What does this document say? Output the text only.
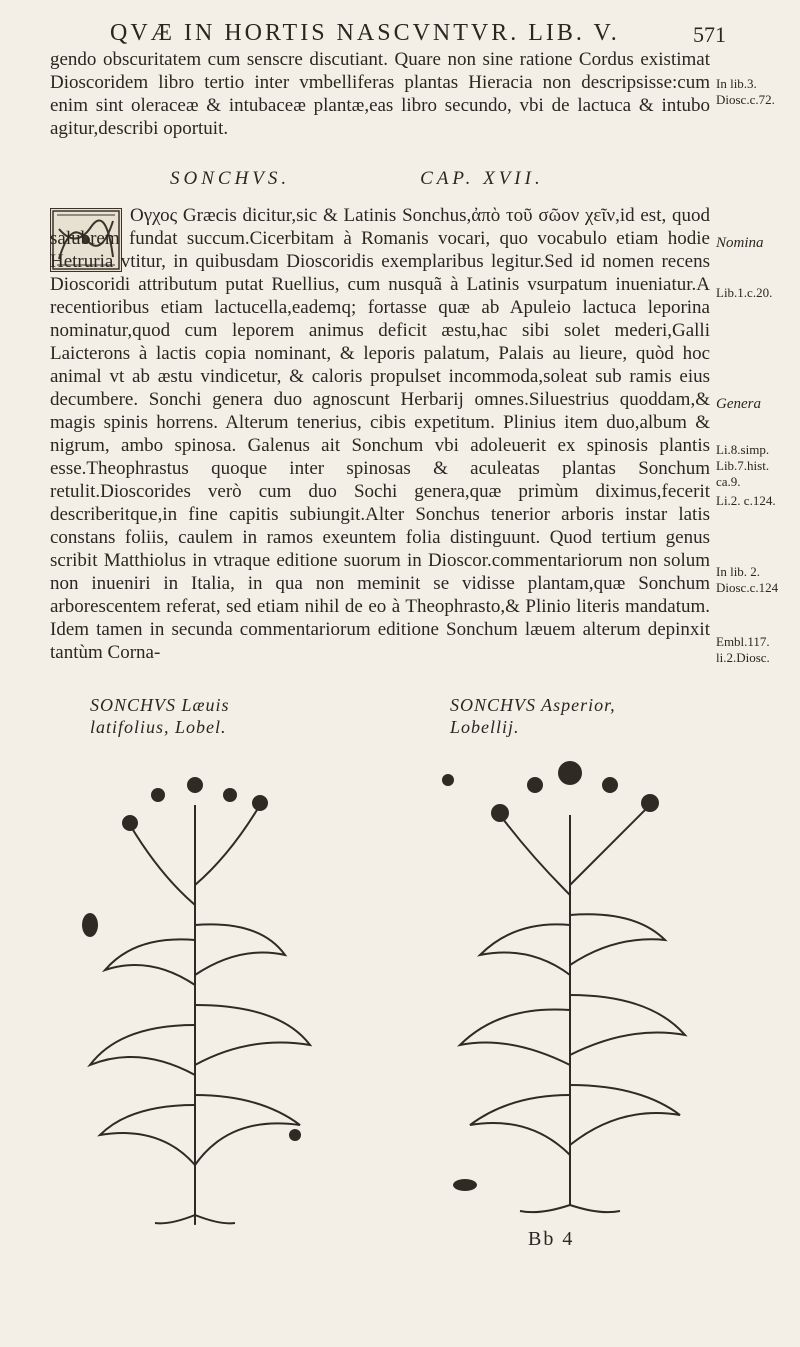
QVÆ IN HORTIS NASCVNTVR. LIB. V.	571

gendo obscuritatem cum senscre discutiant. Quare non sine ratione Cordus existimat Dioscoridem libro tertio inter vmbelliferas plantas Hieracia non descripsisse:cum enim sint oleraceæ & intubaceæ plantæ,eas libro secundo, vbi de lactuca & intubo agitur,describi oportuit.

SONCHVS.	CAP. XVII.

Ογχος Græcis dicitur,sic & Latinis Sonchus,ἀπὸ τοῦ σῶον χεῖν,id est, quod salubrem fundat succum.Cicerbitam à Romanis vocari, quo vocabulo etiam hodie Hetruria vtitur, in quibusdam Dioscoridis exemplaribus legitur.Sed id nomen recens Dioscoridi attributum putat Ruellius, cum nusquã à Latinis vsurpatum inueniatur.A recentioribus etiam lactucella,eademq; fortasse quæ ab Apuleio lactuca leporina nominatur,quod cum leporem animus deficit æstu,hac sibi solet mederi,Galli Laicterons à lactis copia nominant, & leporis palatum, Palais au lieure, quòd hoc animal vt ab æstu vindicetur, & caloris propulset incommoda,soleat sub ramis eius decumbere. Sonchi genera duo agnoscunt Herbarij omnes.Siluestrius quoddam,& magis spinis horrens. Alterum tenerius, cibis expetitum. Plinius item duo,album & nigrum, ambo spinosa. Galenus ait Sonchum vbi adoleuerit ex spinosis plantis esse.Theophrastus quoque inter spinosas & aculeatas plantas Sonchum retulit.Dioscorides verò cum duo Sochi genera,quæ primùm diximus,fecerit describeritque,in fine capitis subiungit.Alter Sonchus tenerior arboris instar latis constans foliis, caulem in ramos exeuntem folia distinguunt. Quod tertium genus scribit Matthiolus in vtraque editione suorum in Dioscor.commentariorum non solum non inueniri in Italia, in qua non meminit se vidisse plantam,quæ Sonchum arborescentem referat, sed etiam nihil de eo à Theophrasto,& Plinio literis mandatum. Idem tamen in secunda commentariorum editione Sonchum læuem alterum depinxit tantùm Corna-

In lib.3. Diosc.c.72.
Nomina
Lib.1.c.20.
Genera
Li.8.simp. Lib.7.hist. ca.9.
Li.2. c.124.
In lib. 2. Diosc.c.124
Embl.117. li.2.Diosc.
SONCHVS Læuis
latifolius, Lobel.
SONCHVS Asperior,
Lobellij.
Bb 4
